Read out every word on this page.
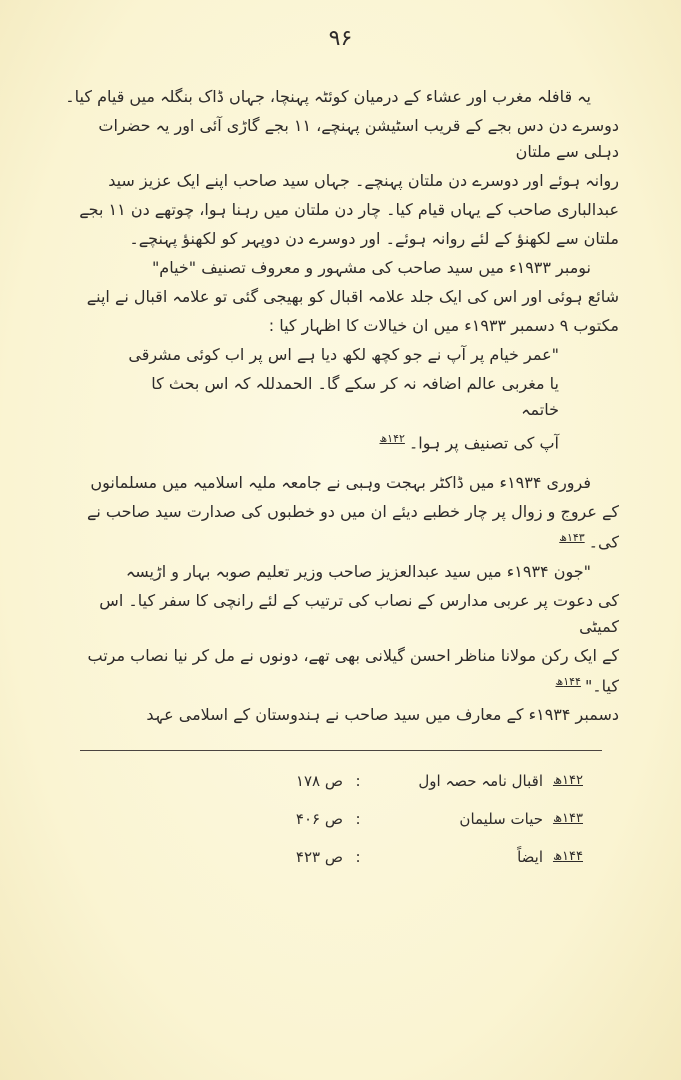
۹۶
یہ قافلہ مغرب اور عشاء کے درمیان کوئٹہ پہنچا، جہاں ڈاک بنگلہ میں قیام کیا۔
دوسرے دن دس بجے کے قریب اسٹیشن پہنچے، ۱۱ بجے گاڑی آئی اور یہ حضرات دہلی سے ملتان
روانہ ہوئے اور دوسرے دن ملتان پہنچے۔ جہاں سید صاحب اپنے ایک عزیز سید
عبدالباری صاحب کے یہاں قیام کیا۔ چار دن ملتان میں رہنا ہوا، چوتھے دن ۱۱ بجے
ملتان سے لکھنؤ کے لئے روانہ ہوئے۔ اور دوسرے دن دوپہر کو لکھنؤ پہنچے۔
نومبر ۱۹۳۳ء میں سید صاحب کی مشہور و معروف تصنیف "خیام"
شائع ہوئی اور اس کی ایک جلد علامہ اقبال کو بھیجی گئی تو علامہ اقبال نے اپنے
مکتوب ۹ دسمبر ۱۹۳۳ء میں ان خیالات کا اظہار کیا :
"عمر خیام پر آپ نے جو کچھ لکھ دیا ہے اس پر اب کوئی مشرقی
یا مغربی عالم اضافہ نہ کر سکے گا۔ الحمدللہ کہ اس بحث کا خاتمہ
آپ کی تصنیف پر ہوا۔$^{۱۴۲ھ}$
فروری ۱۹۳۴ء میں ڈاکٹر بہجت وہبی نے جامعہ ملیہ اسلامیہ میں مسلمانوں
کے عروج و زوال پر چار خطبے دیئے ان میں دو خطبوں کی صدارت سید صاحب نے کی۔$^{۱۴۳ھ}$
"جون ۱۹۳۴ء میں سید عبدالعزیز صاحب وزیر تعلیم صوبہ بہار و اڑیسہ
کی دعوت پر عربی مدارس کے نصاب کی ترتیب کے لئے رانچی کا سفر کیا۔ اس کمیٹی
کے ایک رکن مولانا مناظر احسن گیلانی بھی تھے، دونوں نے مل کر نیا نصاب مرتب کیا۔"$^{۱۴۴ھ}$
دسمبر ۱۹۳۴ء کے معارف میں سید صاحب نے ہندوستان کے اسلامی عہد
۱۴۲ھ
اقبال نامہ حصہ اول
:
ص ۱۷۸
۱۴۳ھ
حیات سلیمان
:
ص ۴۰۶
۱۴۴ھ
ایضاً
:
ص ۴۲۳
